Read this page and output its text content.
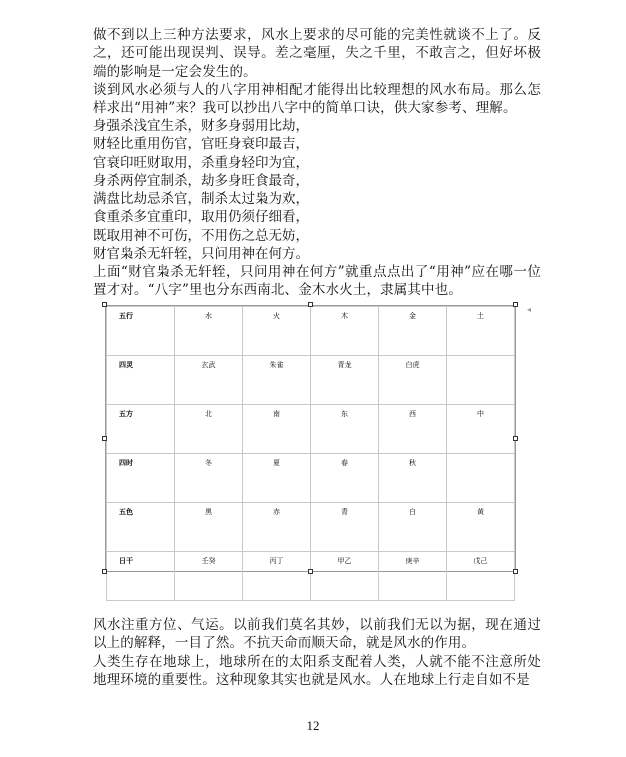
做不到以上三种方法要求，风水上要求的尽可能的完美性就谈不上了。反之，还可能出现误判、误导。差之毫厘，失之千里，不敢言之，但好坏极端的影响是一定会发生的。

谈到风水必须与人的八字用神相配才能得出比较理想的风水布局。那么怎样求出“用神”来？我可以抄出八字中的简单口诀，供大家参考、理解。

身强杀浅宜生杀，财多身弱用比劫，
财轻比重用伤官，官旺身衰印最吉，
官衰印旺财取用，杀重身轻印为宜，
身杀两停宜制杀，劫多身旺食最奇，
满盘比劫忌杀官，制杀太过枭为欢，
食重杀多宜重印，取用仍须仔细看，
既取用神不可伤，不用伤之总无妨，
财官枭杀无轩轾，只问用神在何方。

上面“财官枭杀无轩轾，只问用神在何方”就重点点出了“用神”应在哪一位置才对。“八字”里也分东西南北、金木水火土，隶属其中也。

五行	水	火	木	金	土
四灵	玄武	朱雀	青龙	白虎	
五方	北	南	东	西	中
四时	冬	夏	春	秋	
五色	黑	赤	青	白	黄
日干	壬癸	丙丁	甲乙	庚辛	戊己
◂

风水注重方位、气运。以前我们莫名其妙，以前我们无以为据，现在通过以上的解释，一目了然。不抗天命而顺天命，就是风水的作用。

人类生存在地球上，地球所在的太阳系支配着人类，人就不能不注意所处地理环境的重要性。这种现象其实也就是风水。人在地球上行走自如不是

12
